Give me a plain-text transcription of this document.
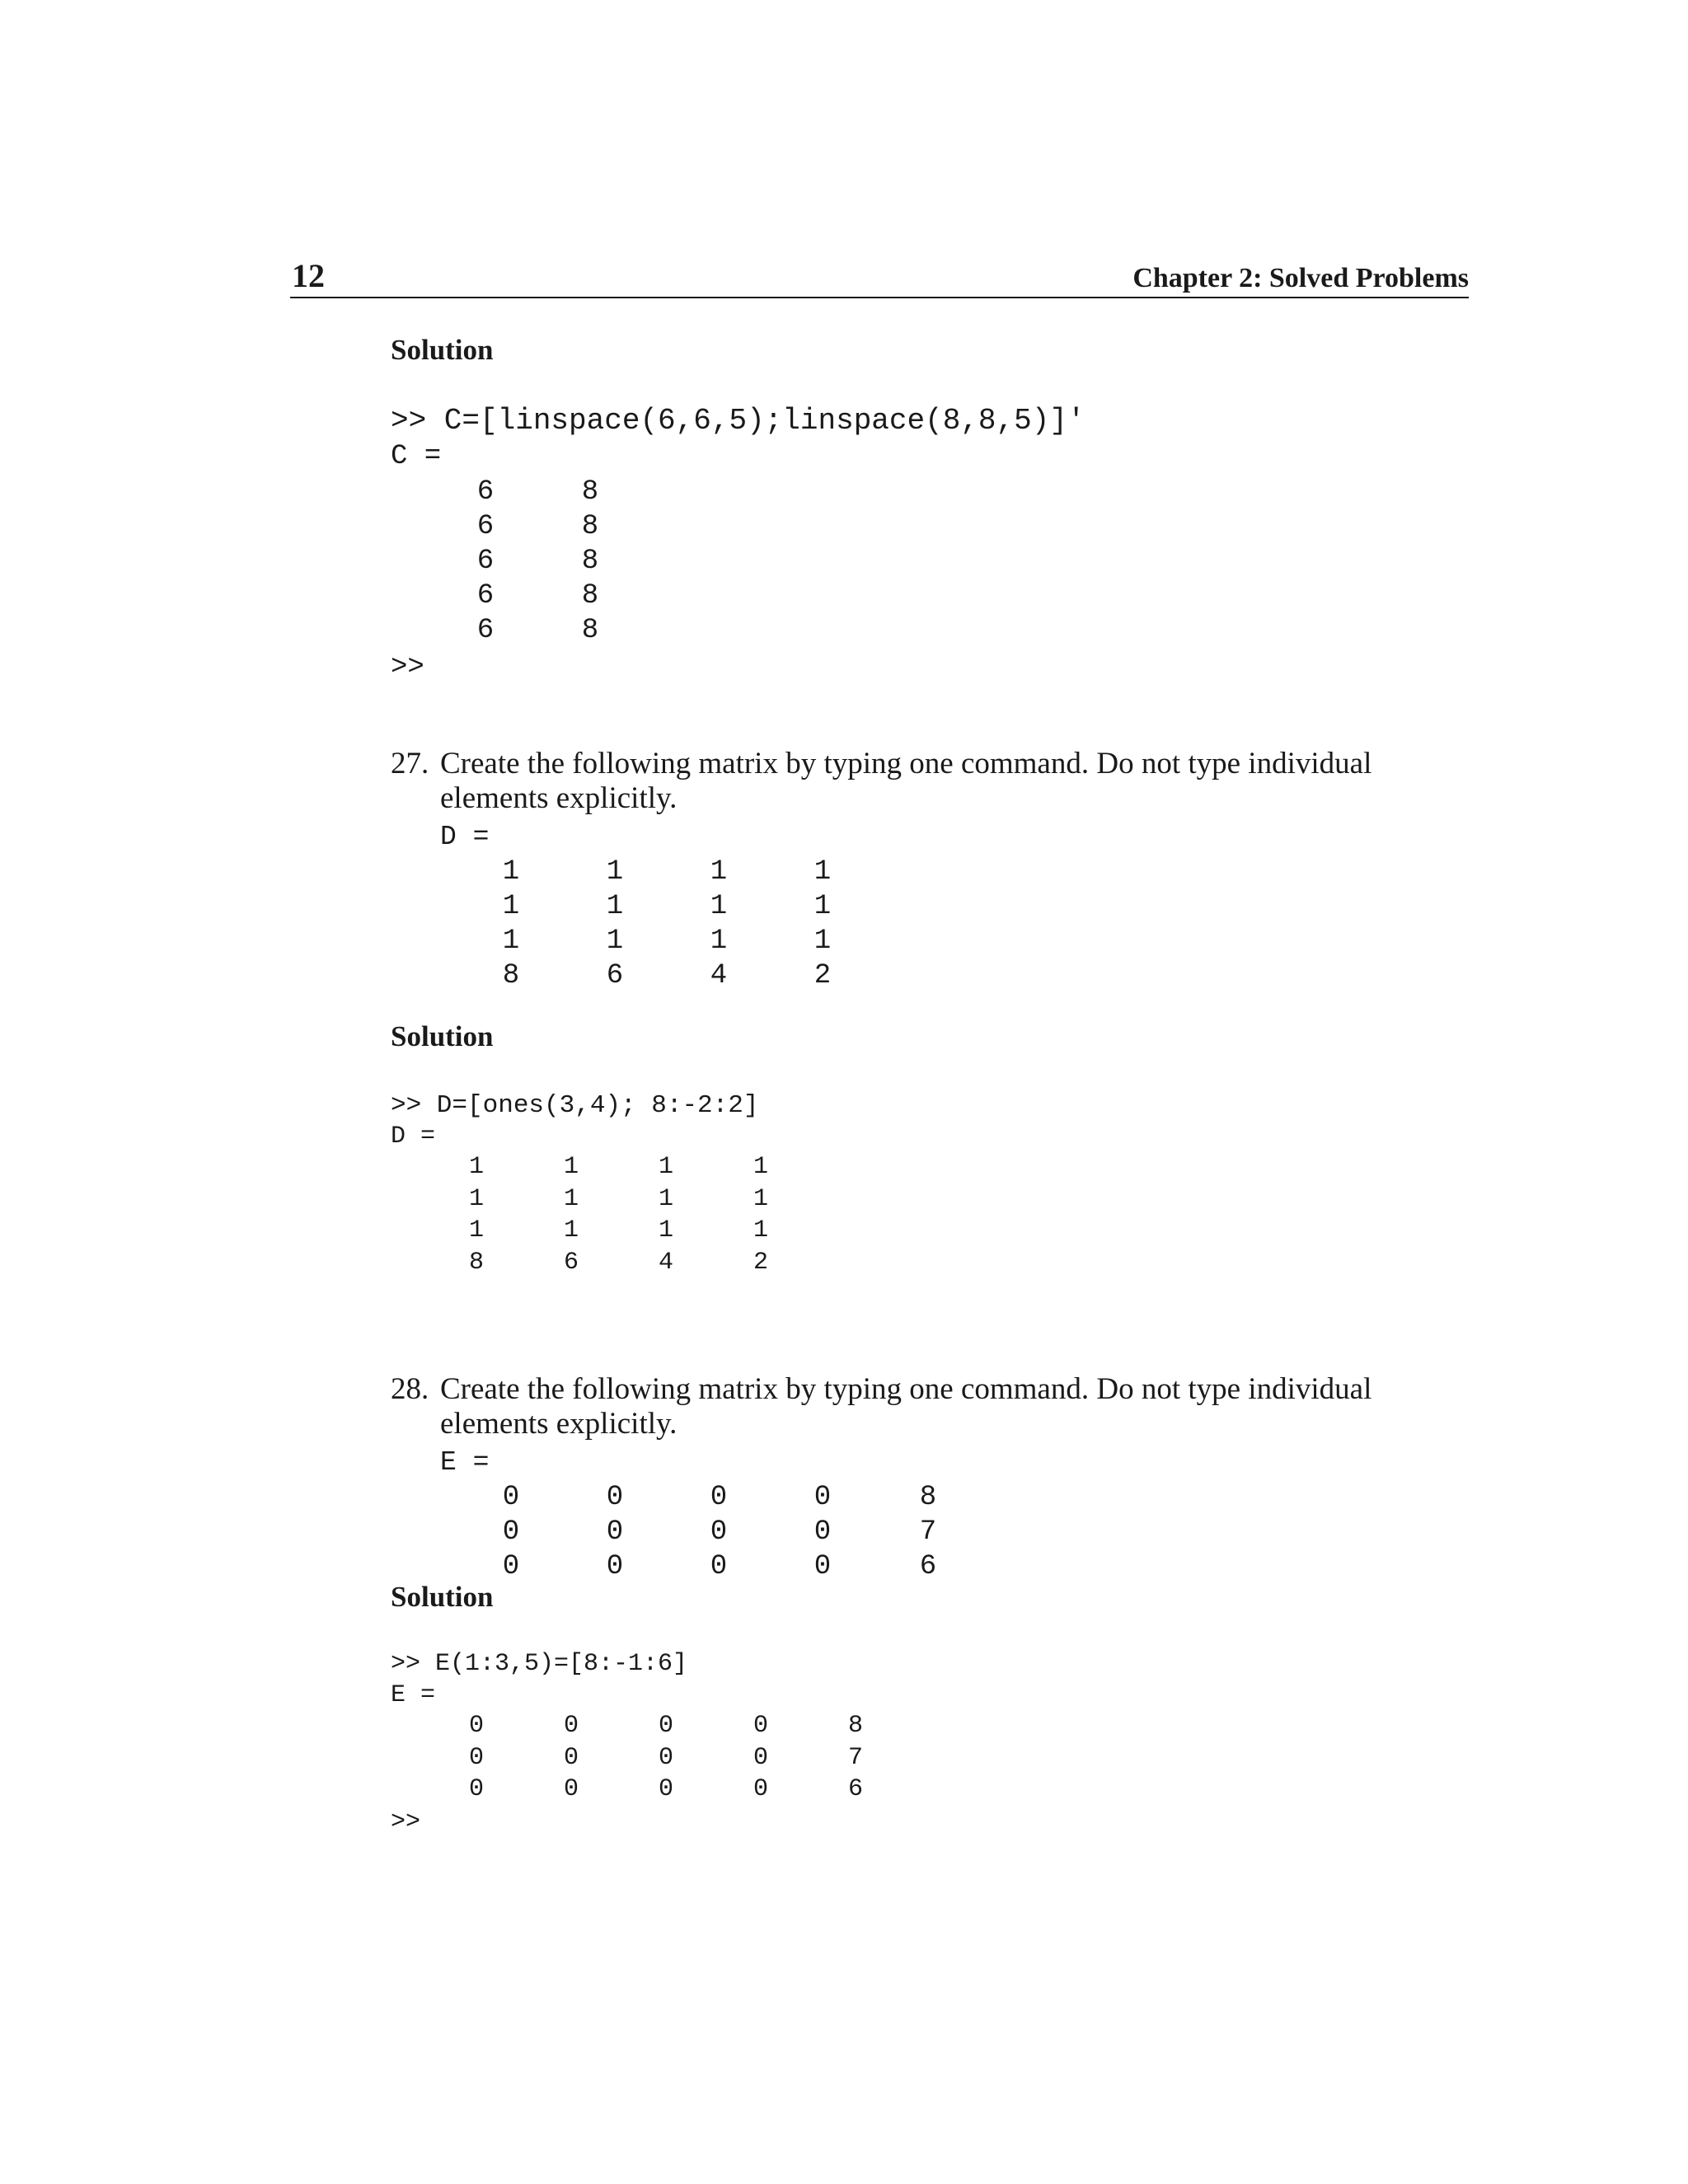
12	Chapter 2: Solved Problems
Solution
>> C=[linspace(6,6,5);linspace(8,8,5)]'
C =
6	8
6	8
6	8
6	8
6	8
>>
27. Create the following matrix by typing one command. Do not type individual elements explicitly.
D =
1	1	1	1
1	1	1	1
1	1	1	1
8	6	4	2
Solution
>> D=[ones(3,4); 8:-2:2]
D =
1	1	1	1
1	1	1	1
1	1	1	1
8	6	4	2
28. Create the following matrix by typing one command. Do not type individual elements explicitly.
E =
0	0	0	0	8
0	0	0	0	7
0	0	0	0	6
Solution
>> E(1:3,5)=[8:-1:6]
E =
0	0	0	0	8
0	0	0	0	7
0	0	0	0	6
>>
